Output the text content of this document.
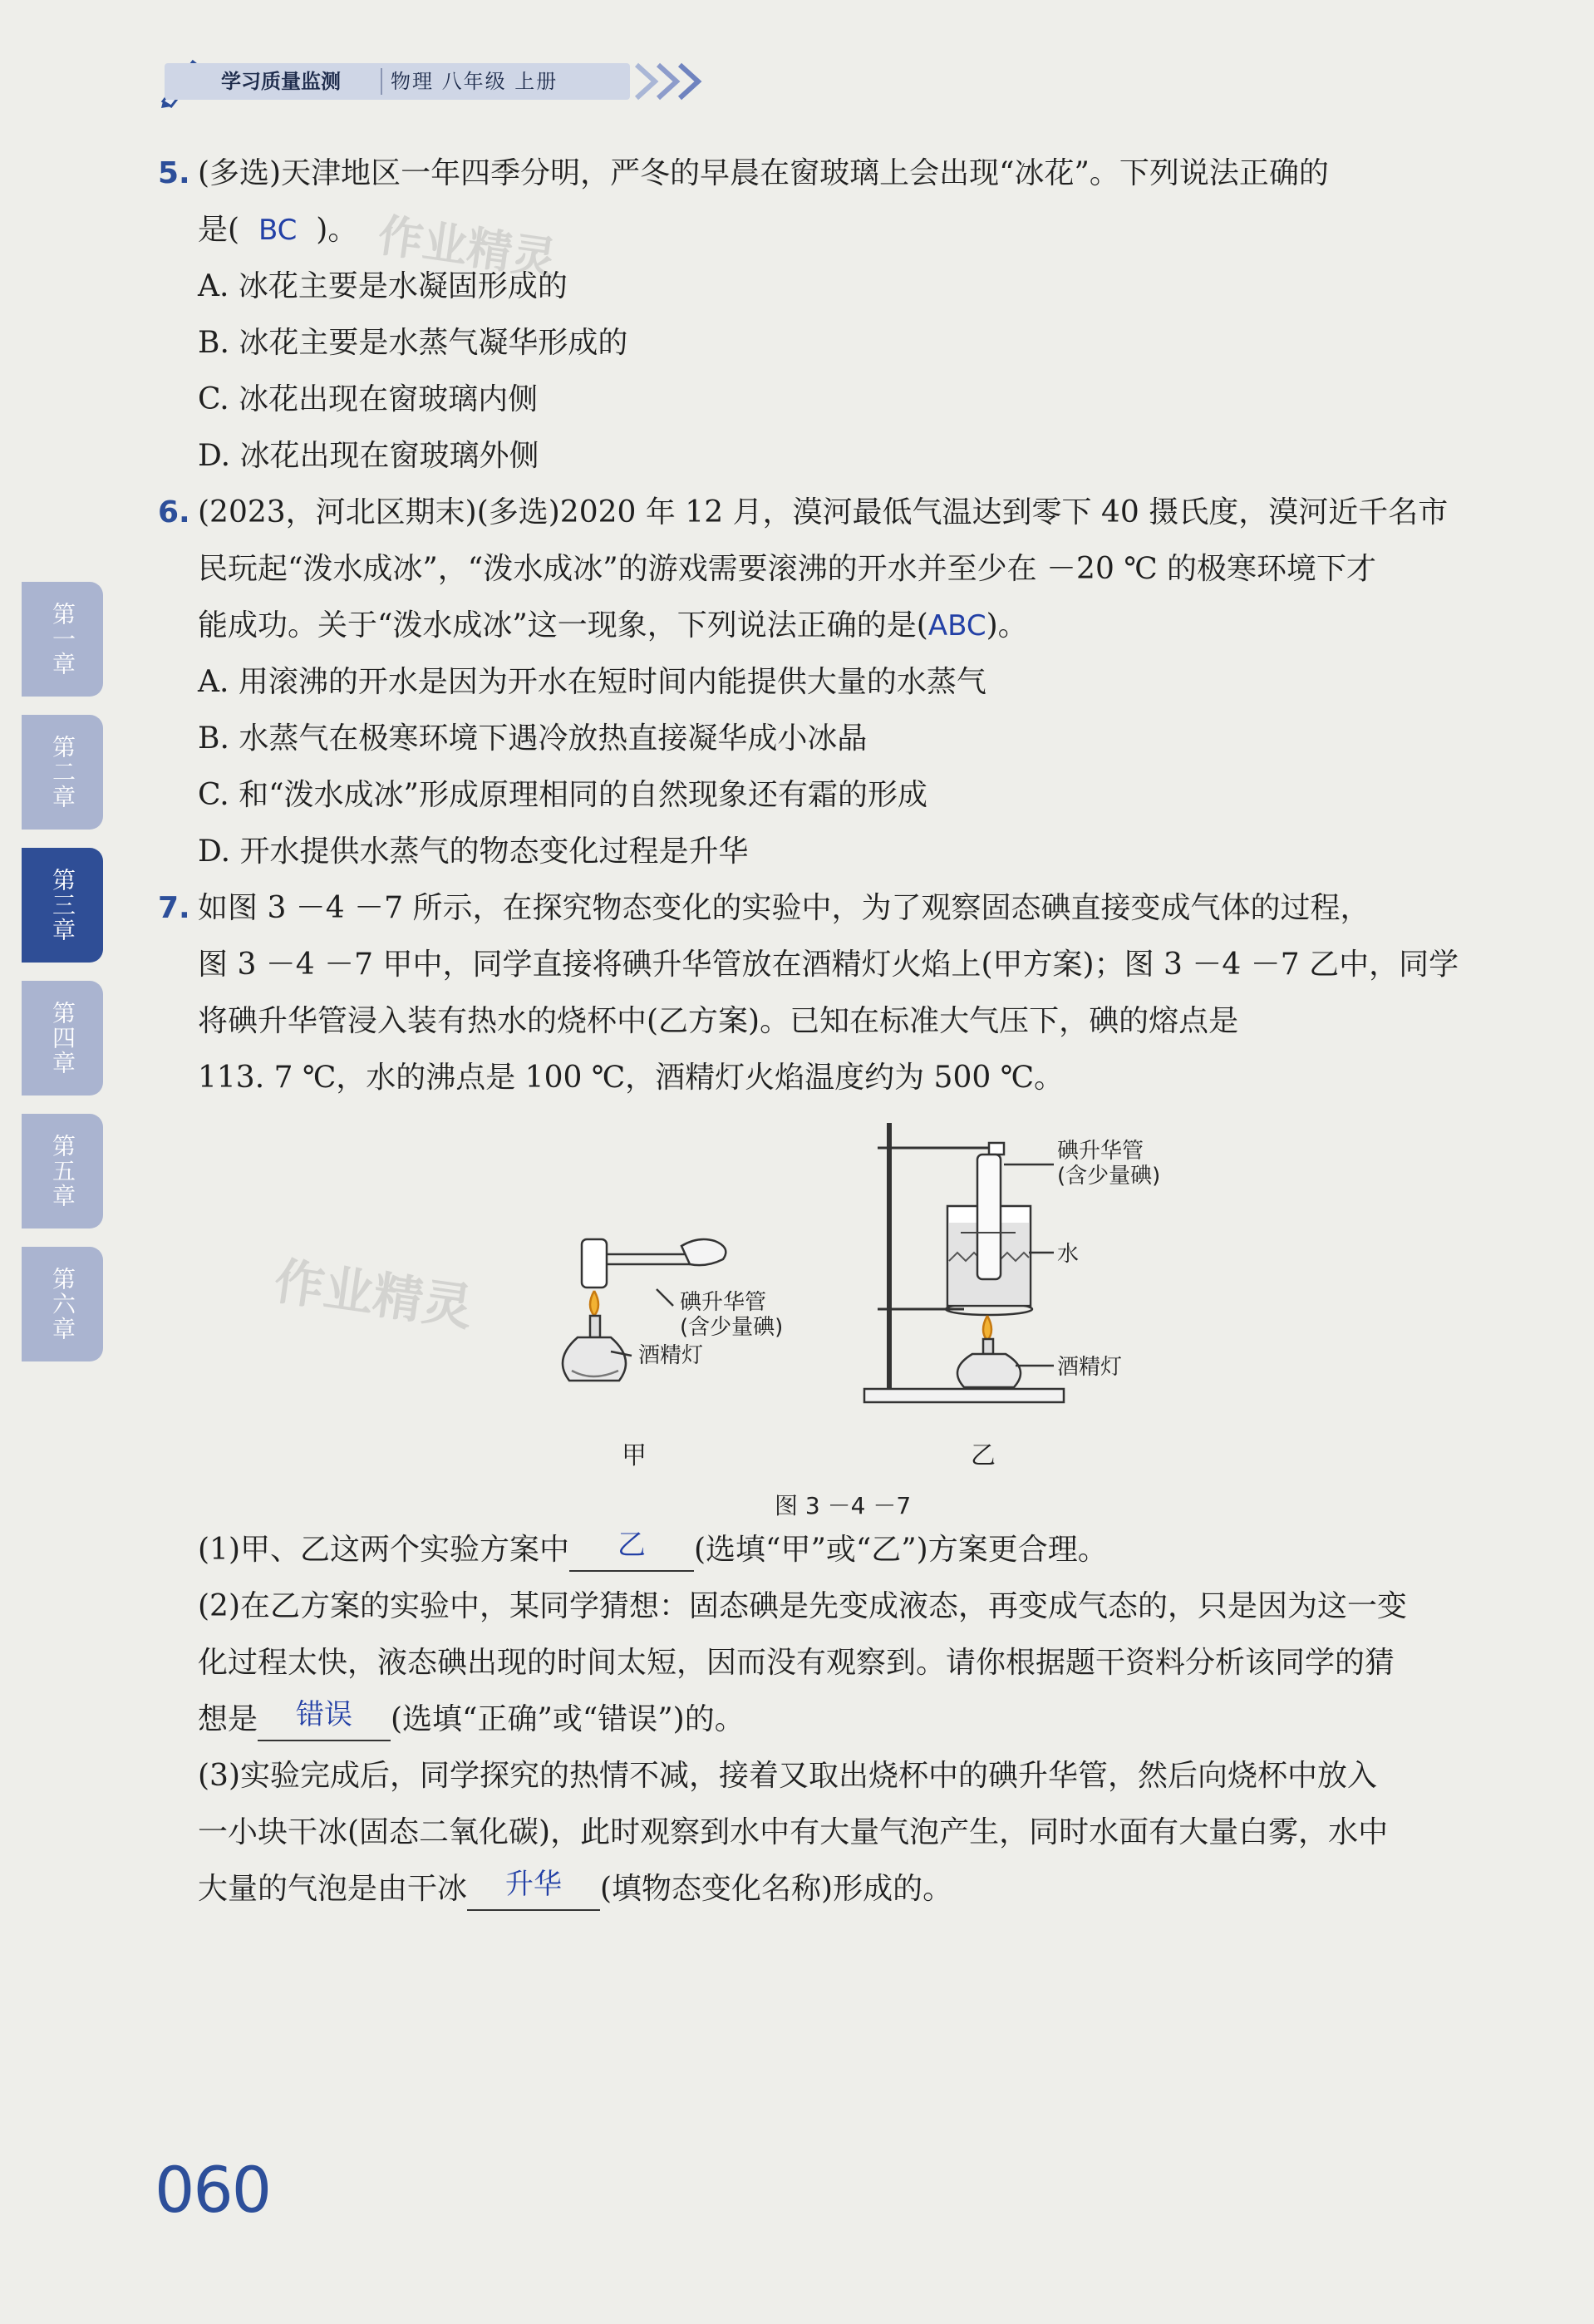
学习质量监测	物理 八年级 上册
第一章
第二章
第三章
第四章
第五章
第六章
作业精灵
作业精灵
5. (多选)天津地区一年四季分明，严冬的早晨在窗玻璃上会出现“冰花”。下列说法正确的
是( BC )。
A. 冰花主要是水凝固形成的
B. 冰花主要是水蒸气凝华形成的
C. 冰花出现在窗玻璃内侧
D. 冰花出现在窗玻璃外侧
6. (2023，河北区期末)(多选)2020 年 12 月，漠河最低气温达到零下 40 摄氏度，漠河近千名市
民玩起“泼水成冰”，“泼水成冰”的游戏需要滚沸的开水并至少在 －20 ℃ 的极寒环境下才
能成功。关于“泼水成冰”这一现象，下列说法正确的是(ABC)。
A. 用滚沸的开水是因为开水在短时间内能提供大量的水蒸气
B. 水蒸气在极寒环境下遇冷放热直接凝华成小冰晶
C. 和“泼水成冰”形成原理相同的自然现象还有霜的形成
D. 开水提供水蒸气的物态变化过程是升华
7. 如图 3 －4 －7 所示，在探究物态变化的实验中，为了观察固态碘直接变成气体的过程，
图 3 －4 －7 甲中，同学直接将碘升华管放在酒精灯火焰上(甲方案)；图 3 －4 －7 乙中，同学
将碘升华管浸入装有热水的烧杯中(乙方案)。已知在标准大气压下，碘的熔点是
113. 7 ℃，水的沸点是 100 ℃，酒精灯火焰温度约为 500 ℃。
碘升华管
(含少量碘)
酒精灯
甲
碘升华管
(含少量碘)
水
酒精灯
乙
图 3 －4 －7
(1)甲、乙这两个实验方案中 乙 (选填“甲”或“乙”)方案更合理。
(2)在乙方案的实验中，某同学猜想：固态碘是先变成液态，再变成气态的，只是因为这一变
化过程太快，液态碘出现的时间太短，因而没有观察到。请你根据题干资料分析该同学的猜
想是 错误 (选填“正确”或“错误”)的。
(3)实验完成后，同学探究的热情不减，接着又取出烧杯中的碘升华管，然后向烧杯中放入
一小块干冰(固态二氧化碳)，此时观察到水中有大量气泡产生，同时水面有大量白雾，水中
大量的气泡是由干冰 升华 (填物态变化名称)形成的。
060
